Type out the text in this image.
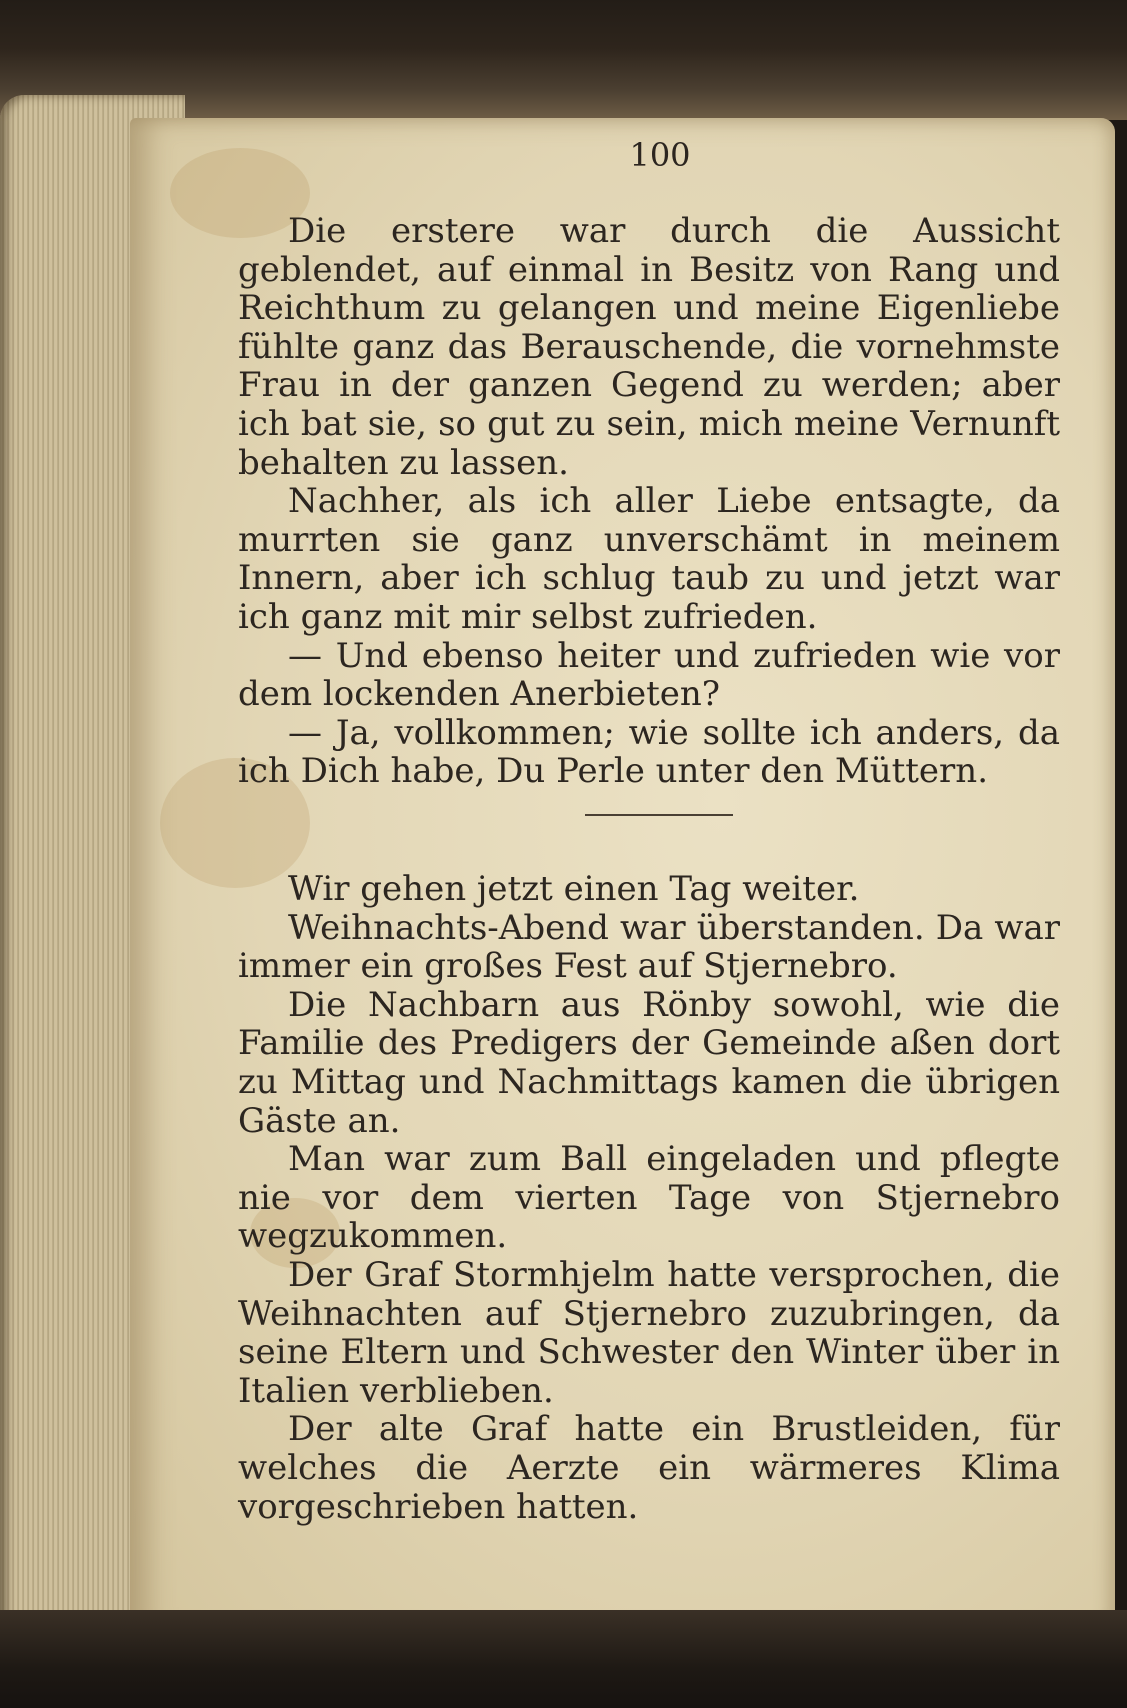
100

Die erstere war durch die Aussicht geblendet, auf einmal in Besitz von Rang und Reichthum zu gelangen und meine Eigenliebe fühlte ganz das Berauschende, die vornehmste Frau in der ganzen Gegend zu werden; aber ich bat sie, so gut zu sein, mich meine Vernunft behalten zu lassen.

Nachher, als ich aller Liebe entsagte, da murrten sie ganz unverschämt in meinem Innern, aber ich schlug taub zu und jetzt war ich ganz mit mir selbst zufrieden.

— Und ebenso heiter und zufrieden wie vor dem lockenden Anerbieten?

— Ja, vollkommen; wie sollte ich anders, da ich Dich habe, Du Perle unter den Müttern.

Wir gehen jetzt einen Tag weiter.

Weihnachts-Abend war überstanden. Da war immer ein großes Fest auf Stjernebro.

Die Nachbarn aus Rönby sowohl, wie die Familie des Predigers der Gemeinde aßen dort zu Mittag und Nachmittags kamen die übrigen Gäste an.

Man war zum Ball eingeladen und pflegte nie vor dem vierten Tage von Stjernebro wegzukommen.

Der Graf Stormhjelm hatte versprochen, die Weihnachten auf Stjernebro zuzubringen, da seine Eltern und Schwester den Winter über in Italien verblieben.

Der alte Graf hatte ein Brustleiden, für welches die Aerzte ein wärmeres Klima vorgeschrieben hatten.
